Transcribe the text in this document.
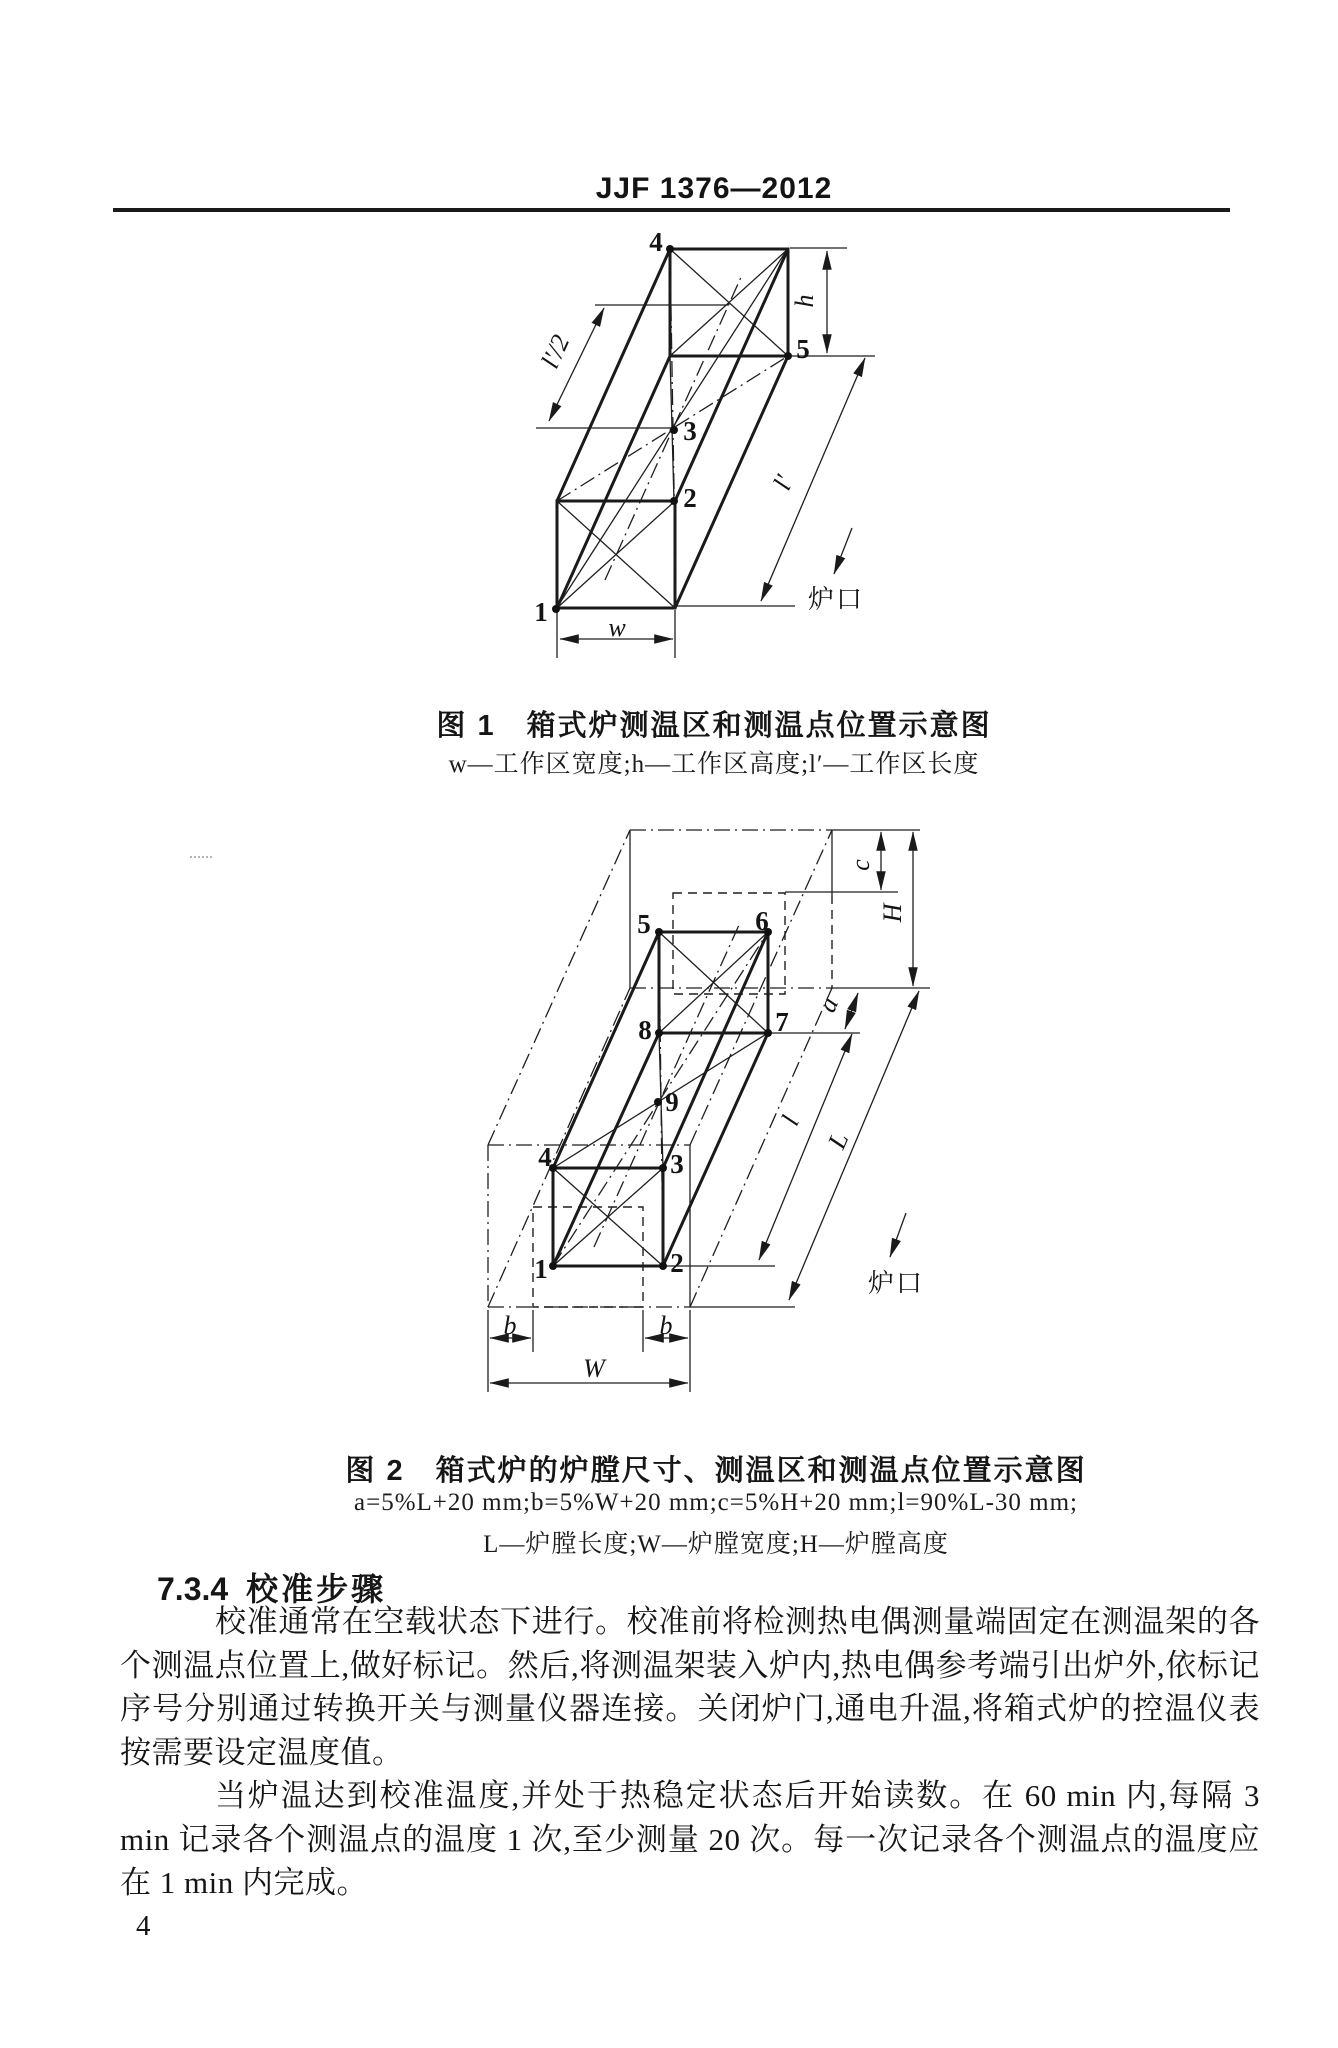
JJF 1376—2012
4
5
3
2
1
w
h
l′/2
l′
炉口
图 1　箱式炉测温区和测温点位置示意图
w—工作区宽度;h—工作区高度;l′—工作区长度
5	6
7
8
9
4	3
2
1
c
H
a
l
L
b	b
W
炉口
图 2　箱式炉的炉膛尺寸、测温区和测温点位置示意图
a=5%L+20 mm;b=5%W+20 mm;c=5%H+20 mm;l=90%L-30 mm;
L—炉膛长度;W—炉膛宽度;H—炉膛高度
7.3.4 校准步骤

校准通常在空载状态下进行。校准前将检测热电偶测量端固定在测温架的各个测温点位置上,做好标记。然后,将测温架装入炉内,热电偶参考端引出炉外,依标记序号分别通过转换开关与测量仪器连接。关闭炉门,通电升温,将箱式炉的控温仪表按需要设定温度值。

当炉温达到校准温度,并处于热稳定状态后开始读数。在 60 min 内,每隔 3 min 记录各个测温点的温度 1 次,至少测量 20 次。每一次记录各个测温点的温度应在 1 min 内完成。

4
